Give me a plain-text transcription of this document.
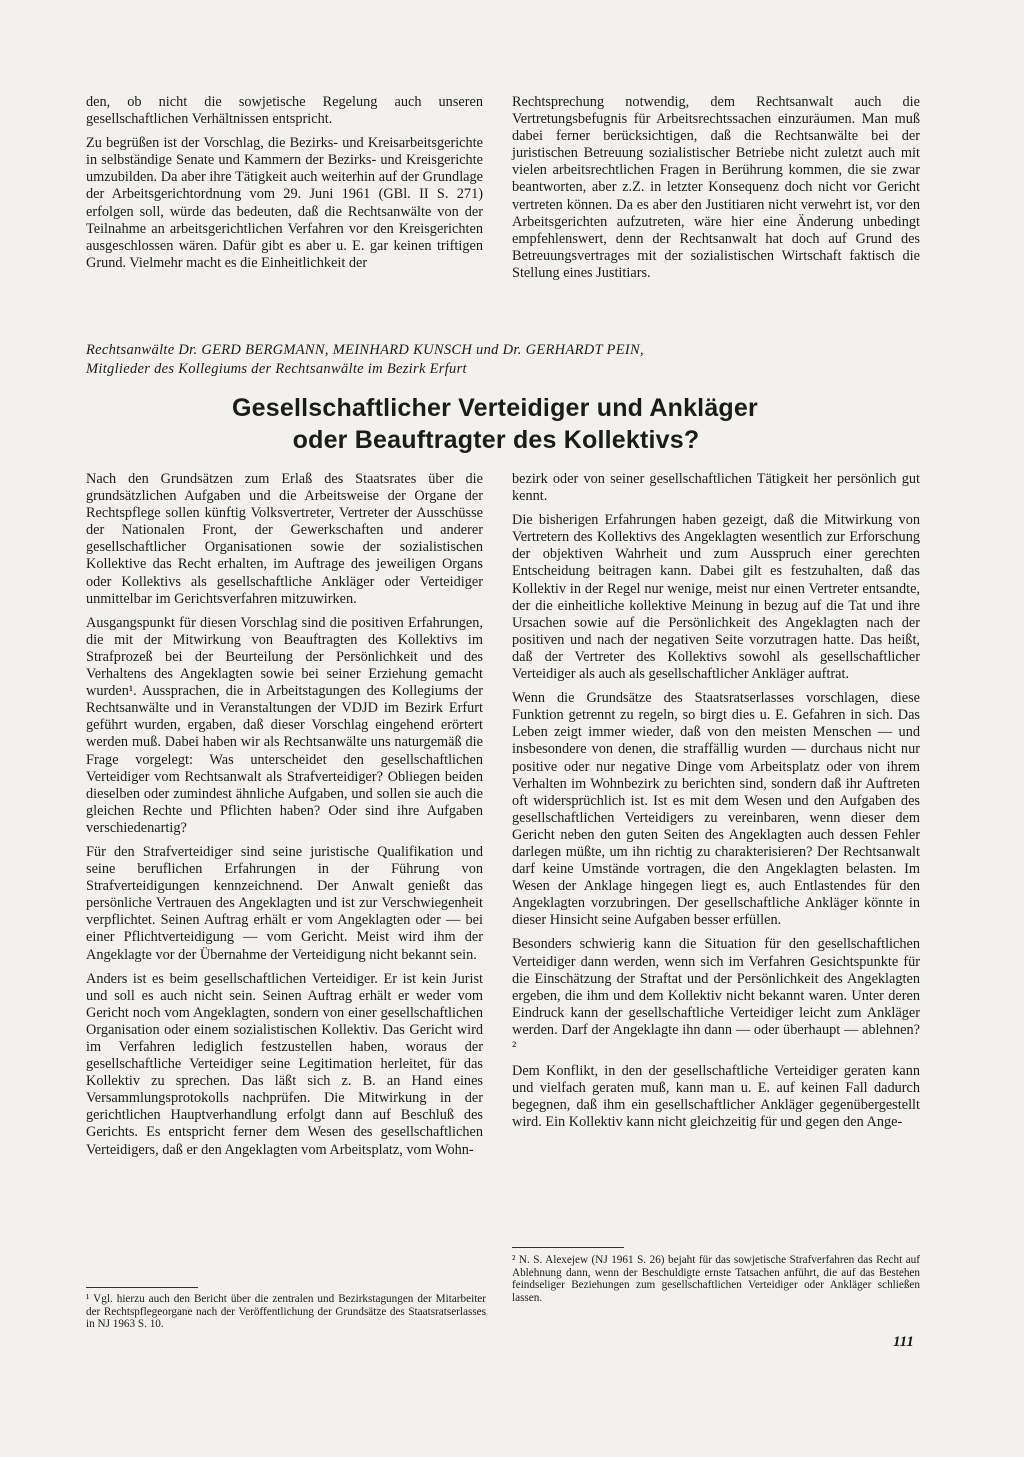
den, ob nicht die sowjetische Regelung auch unseren gesellschaftlichen Verhältnissen entspricht.

Zu begrüßen ist der Vorschlag, die Bezirks- und Kreisarbeitsgerichte in selbständige Senate und Kammern der Bezirks- und Kreisgerichte umzubilden. Da aber ihre Tätigkeit auch weiterhin auf der Grundlage der Arbeitsgerichtordnung vom 29. Juni 1961 (GBl. II S. 271) erfolgen soll, würde das bedeuten, daß die Rechtsanwälte von der Teilnahme an arbeitsgerichtlichen Verfahren vor den Kreisgerichten ausgeschlossen wären. Dafür gibt es aber u. E. gar keinen triftigen Grund. Vielmehr macht es die Einheitlichkeit der

Rechtsprechung notwendig, dem Rechtsanwalt auch die Vertretungsbefugnis für Arbeitsrechtssachen einzuräumen. Man muß dabei ferner berücksichtigen, daß die Rechtsanwälte bei der juristischen Betreuung sozialistischer Betriebe nicht zuletzt auch mit vielen arbeitsrechtlichen Fragen in Berührung kommen, die sie zwar beantworten, aber z.Z. in letzter Konsequenz doch nicht vor Gericht vertreten können. Da es aber den Justitiaren nicht verwehrt ist, vor den Arbeitsgerichten aufzutreten, wäre hier eine Änderung unbedingt empfehlenswert, denn der Rechtsanwalt hat doch auf Grund des Betreuungsvertrages mit der sozialistischen Wirtschaft faktisch die Stellung eines Justitiars.

Rechtsanwälte Dr. GERD BERGMANN, MEINHARD KUNSCH und Dr. GERHARDT PEIN,
Mitglieder des Kollegiums der Rechtsanwälte im Bezirk Erfurt
Gesellschaftlicher Verteidiger und Ankläger
oder Beauftragter des Kollektivs?

Nach den Grundsätzen zum Erlaß des Staatsrates über die grundsätzlichen Aufgaben und die Arbeitsweise der Organe der Rechtspflege sollen künftig Volksvertreter, Vertreter der Ausschüsse der Nationalen Front, der Gewerkschaften und anderer gesellschaftlicher Organisationen sowie der sozialistischen Kollektive das Recht erhalten, im Auftrage des jeweiligen Organs oder Kollektivs als gesellschaftliche Ankläger oder Verteidiger unmittelbar im Gerichtsverfahren mitzuwirken.

Ausgangspunkt für diesen Vorschlag sind die positiven Erfahrungen, die mit der Mitwirkung von Beauftragten des Kollektivs im Strafprozeß bei der Beurteilung der Persönlichkeit und des Verhaltens des Angeklagten sowie bei seiner Erziehung gemacht wurden¹. Aussprachen, die in Arbeitstagungen des Kollegiums der Rechtsanwälte und in Veranstaltungen der VDJD im Bezirk Erfurt geführt wurden, ergaben, daß dieser Vorschlag eingehend erörtert werden muß. Dabei haben wir als Rechtsanwälte uns naturgemäß die Frage vorgelegt: Was unterscheidet den gesellschaftlichen Verteidiger vom Rechtsanwalt als Strafverteidiger? Obliegen beiden dieselben oder zumindest ähnliche Aufgaben, und sollen sie auch die gleichen Rechte und Pflichten haben? Oder sind ihre Aufgaben verschiedenartig?

Für den Strafverteidiger sind seine juristische Qualifikation und seine beruflichen Erfahrungen in der Führung von Strafverteidigungen kennzeichnend. Der Anwalt genießt das persönliche Vertrauen des Angeklagten und ist zur Verschwiegenheit verpflichtet. Seinen Auftrag erhält er vom Angeklagten oder — bei einer Pflichtverteidigung — vom Gericht. Meist wird ihm der Angeklagte vor der Übernahme der Verteidigung nicht bekannt sein.

Anders ist es beim gesellschaftlichen Verteidiger. Er ist kein Jurist und soll es auch nicht sein. Seinen Auftrag erhält er weder vom Gericht noch vom Angeklagten, sondern von einer gesellschaftlichen Organisation oder einem sozialistischen Kollektiv. Das Gericht wird im Verfahren lediglich festzustellen haben, woraus der gesellschaftliche Verteidiger seine Legitimation herleitet, für das Kollektiv zu sprechen. Das läßt sich z. B. an Hand eines Versammlungsprotokolls nachprüfen. Die Mitwirkung in der gerichtlichen Hauptverhandlung erfolgt dann auf Beschluß des Gerichts. Es entspricht ferner dem Wesen des gesellschaftlichen Verteidigers, daß er den Angeklagten vom Arbeitsplatz, vom Wohn-

bezirk oder von seiner gesellschaftlichen Tätigkeit her persönlich gut kennt.

Die bisherigen Erfahrungen haben gezeigt, daß die Mitwirkung von Vertretern des Kollektivs des Angeklagten wesentlich zur Erforschung der objektiven Wahrheit und zum Ausspruch einer gerechten Entscheidung beitragen kann. Dabei gilt es festzuhalten, daß das Kollektiv in der Regel nur wenige, meist nur einen Vertreter entsandte, der die einheitliche kollektive Meinung in bezug auf die Tat und ihre Ursachen sowie auf die Persönlichkeit des Angeklagten nach der positiven und nach der negativen Seite vorzutragen hatte. Das heißt, daß der Vertreter des Kollektivs sowohl als gesellschaftlicher Verteidiger als auch als gesellschaftlicher Ankläger auftrat.

Wenn die Grundsätze des Staatsratserlasses vorschlagen, diese Funktion getrennt zu regeln, so birgt dies u. E. Gefahren in sich. Das Leben zeigt immer wieder, daß von den meisten Menschen — und insbesondere von denen, die straffällig wurden — durchaus nicht nur positive oder nur negative Dinge vom Arbeitsplatz oder von ihrem Verhalten im Wohnbezirk zu berichten sind, sondern daß ihr Auftreten oft widersprüchlich ist. Ist es mit dem Wesen und den Aufgaben des gesellschaftlichen Verteidigers zu vereinbaren, wenn dieser dem Gericht neben den guten Seiten des Angeklagten auch dessen Fehler darlegen müßte, um ihn richtig zu charakterisieren? Der Rechtsanwalt darf keine Umstände vortragen, die den Angeklagten belasten. Im Wesen der Anklage hingegen liegt es, auch Entlastendes für den Angeklagten vorzubringen. Der gesellschaftliche Ankläger könnte in dieser Hinsicht seine Aufgaben besser erfüllen.

Besonders schwierig kann die Situation für den gesellschaftlichen Verteidiger dann werden, wenn sich im Verfahren Gesichtspunkte für die Einschätzung der Straftat und der Persönlichkeit des Angeklagten ergeben, die ihm und dem Kollektiv nicht bekannt waren. Unter deren Eindruck kann der gesellschaftliche Verteidiger leicht zum Ankläger werden. Darf der Angeklagte ihn dann — oder überhaupt — ablehnen?²

Dem Konflikt, in den der gesellschaftliche Verteidiger geraten kann und vielfach geraten muß, kann man u. E. auf keinen Fall dadurch begegnen, daß ihm ein gesellschaftlicher Ankläger gegenübergestellt wird. Ein Kollektiv kann nicht gleichzeitig für und gegen den Ange-

¹ Vgl. hierzu auch den Bericht über die zentralen und Bezirkstagungen der Mitarbeiter der Rechtspflegeorgane nach der Veröffentlichung der Grundsätze des Staatsratserlasses in NJ 1963 S. 10.
² N. S. Alexejew (NJ 1961 S. 26) bejaht für das sowjetische Strafverfahren das Recht auf Ablehnung dann, wenn der Beschuldigte ernste Tatsachen anführt, die auf das Bestehen feindseliger Beziehungen zum gesellschaftlichen Verteidiger oder Ankläger schließen lassen.
111
